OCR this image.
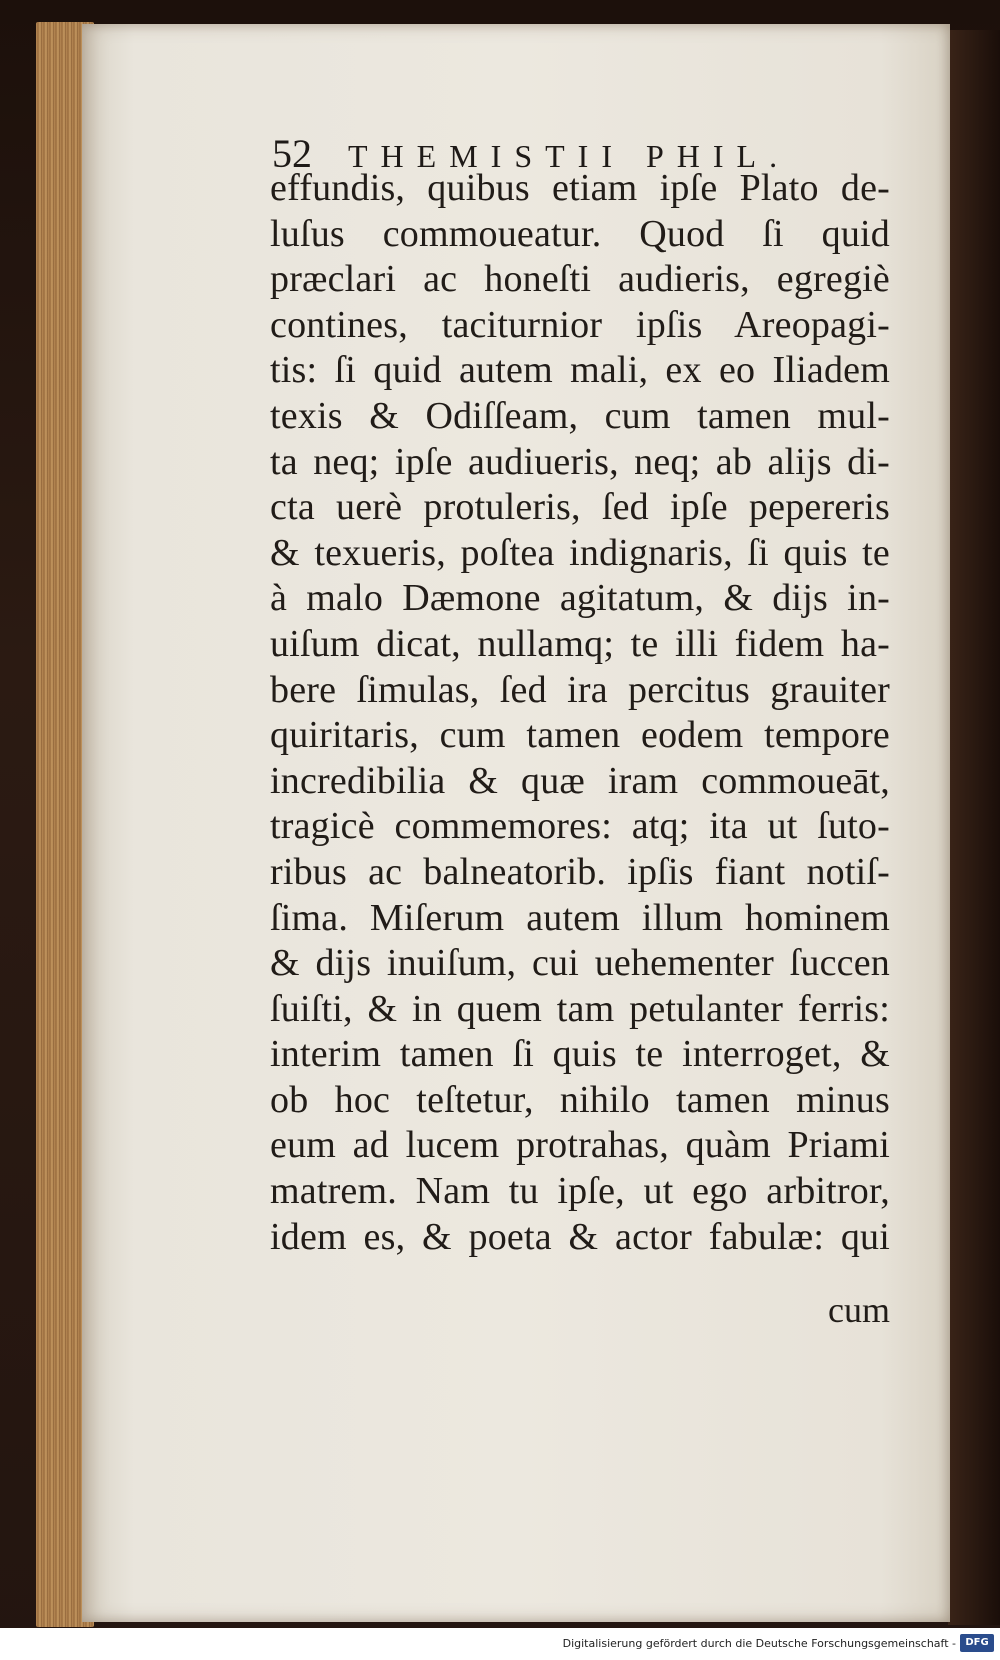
52 THEMISTII PHIL.
effundis, quibus etiam ipſe Plato de-
luſus commoueatur. Quod ſi quid
præclari ac honeſti audieris, egregiè
contines, taciturnior ipſis Areopagi-
tis: ſi quid autem mali, ex eo Iliadem
texis & Odiſſeam, cum tamen mul-
ta neq; ipſe audiueris, neq; ab alijs di-
cta uerè protuleris, ſed ipſe pepereris
& texueris, poſtea indignaris, ſi quis te
à malo Dæmone agitatum, & dijs in-
uiſum dicat, nullamq; te illi fidem ha-
bere ſimulas, ſed ira percitus grauiter
quiritaris, cum tamen eodem tempore
incredibilia & quæ iram commoueāt,
tragicè commemores: atq; ita ut ſuto-
ribus ac balneatorib. ipſis fiant notiſ-
ſima. Miſerum autem illum hominem
& dijs inuiſum, cui uehementer ſuccen
ſuiſti, & in quem tam petulanter ferris:
interim tamen ſi quis te interroget, &
ob hoc teſtetur, nihilo tamen minus
eum ad lucem protrahas, quàm Priami
matrem. Nam tu ipſe, ut ego arbitror,
idem es, & poeta & actor fabulæ: qui
cum
Digitalisierung gefördert durch die Deutsche Forschungsgemeinschaft - DFG
